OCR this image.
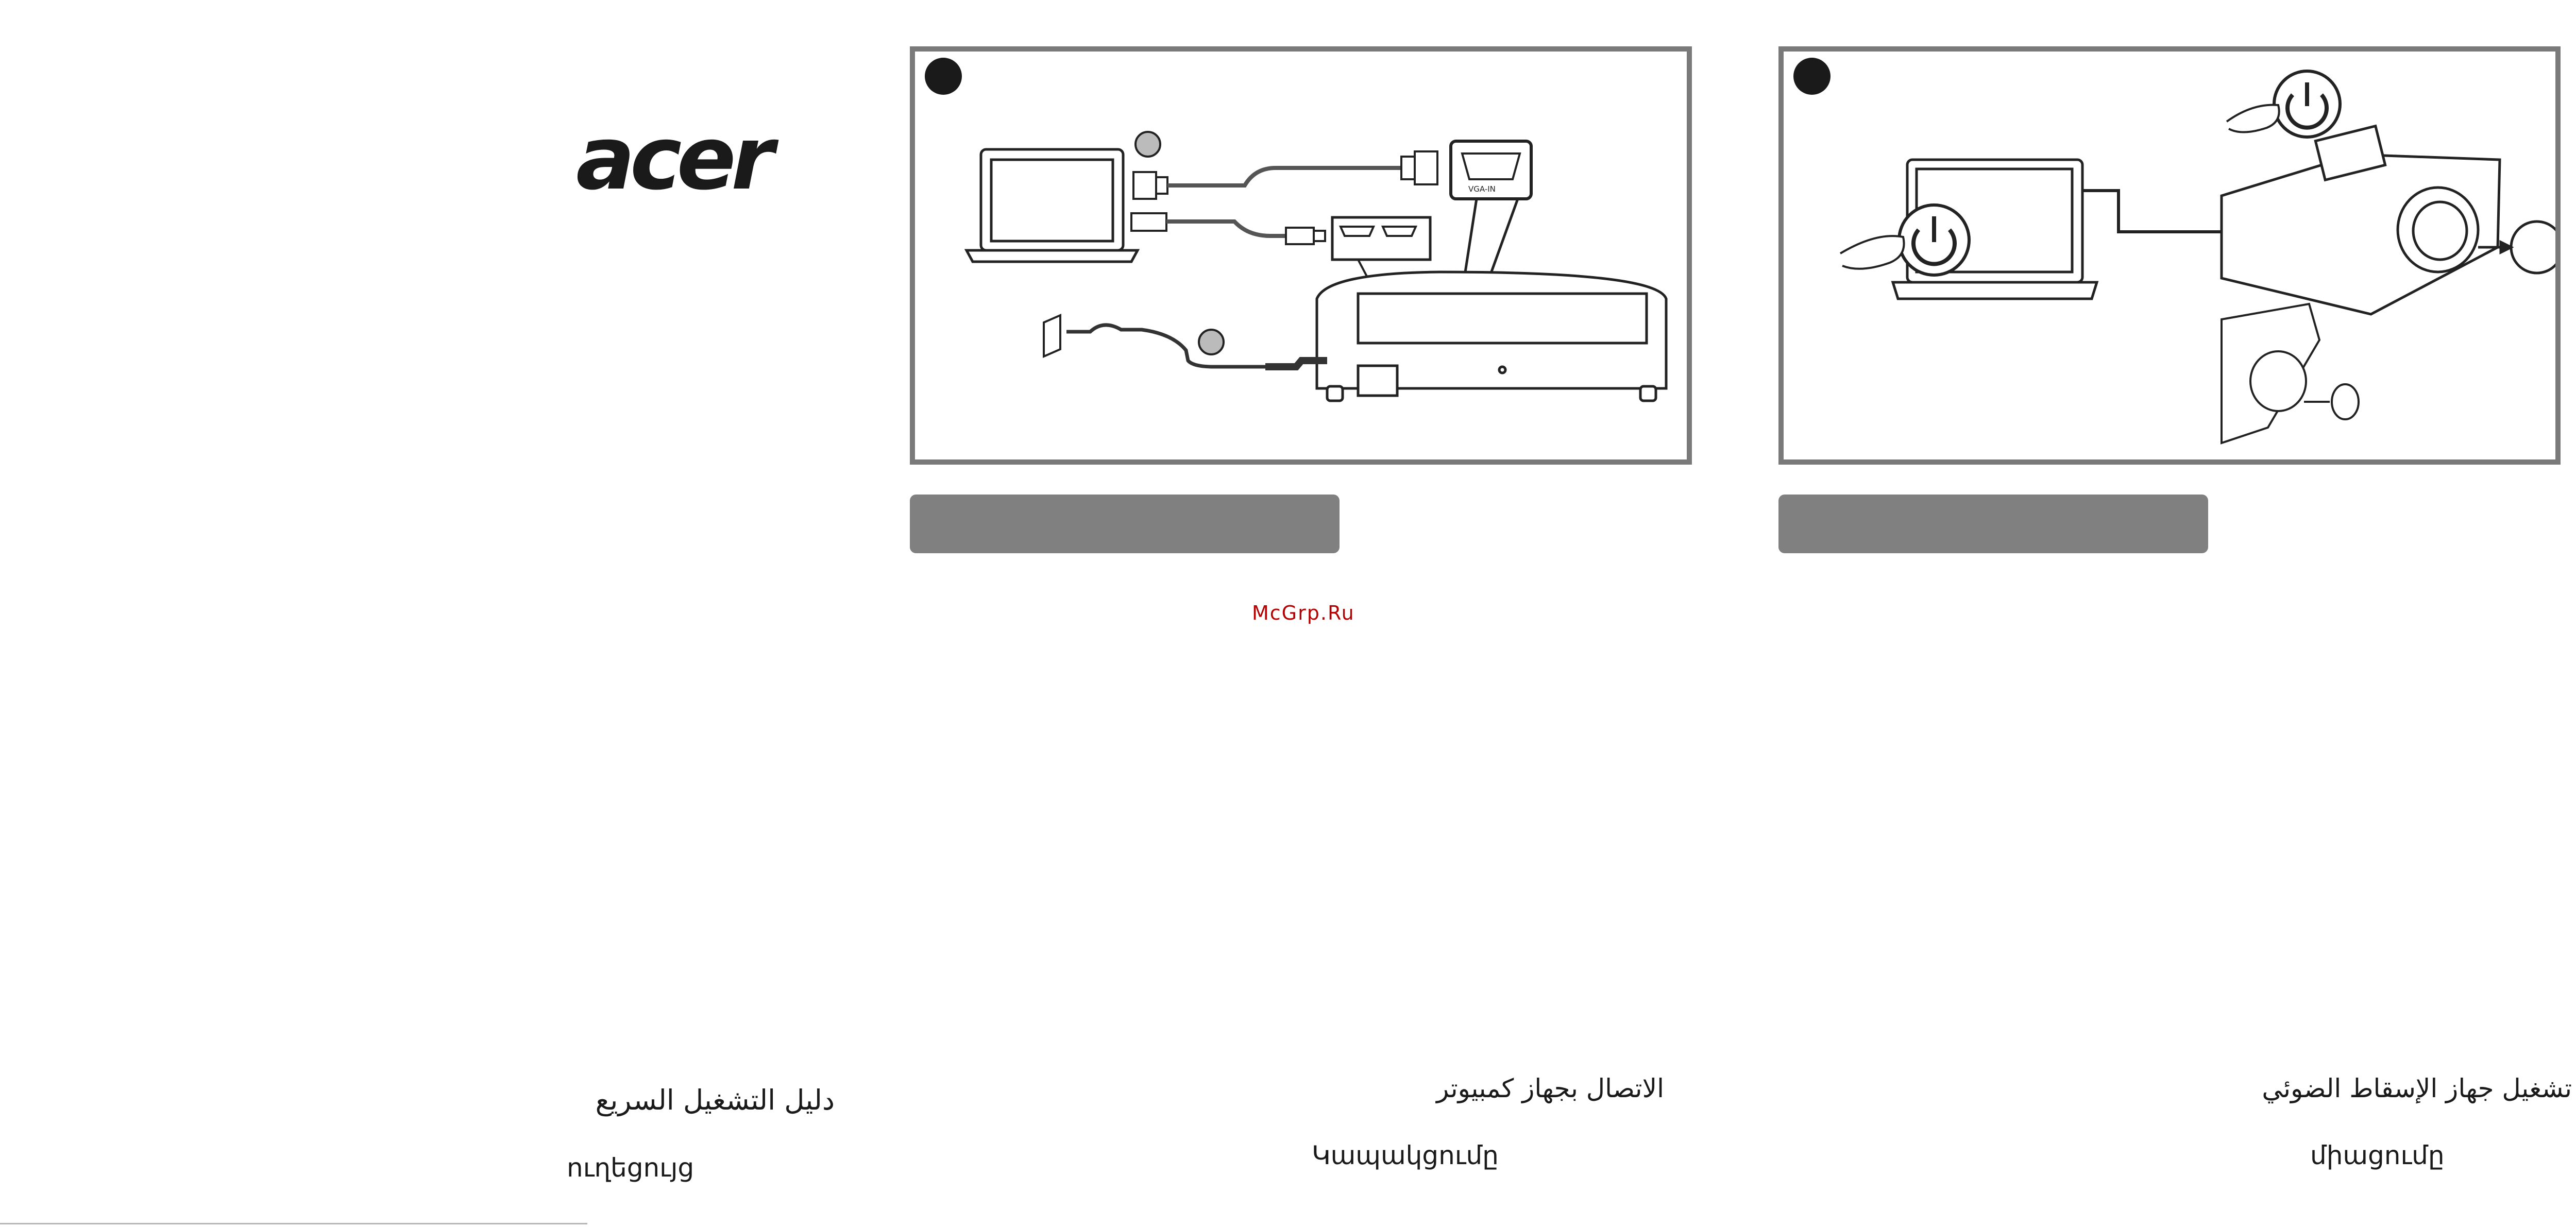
acer	VGA-IN
McGrp.Ru
دليل التشغيل السريع
ուղեցույց
الاتصال بجهاز كمبيوتر
Կապակցումը
تشغيل جهاز الإسقاط الضوئي
միացումը
